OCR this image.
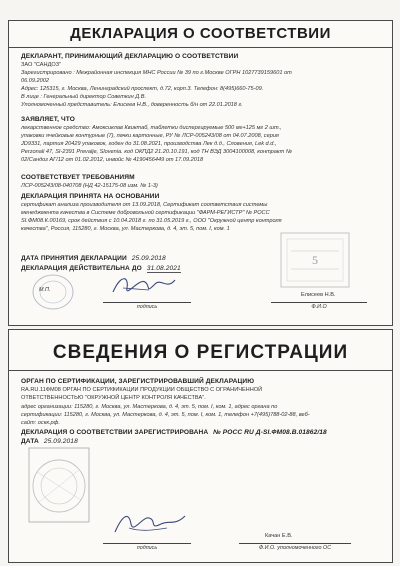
ДЕКЛАРАЦИЯ О СООТВЕТСТВИИ
ДЕКЛАРАНТ, ПРИНИМАЮЩИЙ ДЕКЛАРАЦИЮ О СООТВЕТСТВИИ
ЗАО "САНДОЗ"
Зарегистрировано : Межрайонная инспекция МНС России № 39 по г.Москве ОГРН 1027739159601 от
06.09.2002
Адрес: 125315, г. Москва, Ленинградский проспект, д.72, корп.3. Телефон: 8(495)660-75-09.
В лице : Генеральный директор Советкин Д.В.
Уполномоченный представитель: Елисеев Н.В., доверенность б/н от 22.01.2018 г.
ЗАЯВЛЯЕТ, ЧТО
лекарственное средство: Амоксиклав Квиктаб, таблетки диспергируемые 500 мг+125 мг 2 шт.,
упаковки ячейковые контурные (7), пачки картонные, РУ № ЛСР-005243/08 от 04.07.2008, серия
JD9331, партия 20429 упаковок, годен до 31.08.2021, производства Лек д.д., Словения, Lek d.d.,
Perzonali 47, SI-2391 Prevalje, Slovenia. код ОКПД2 21.20.10.191, код ТН ВЭД 3004100008, контракт №
02/Сандоз АГ/12 от 01.02.2012, инвойс № 4190456449 от 17.09.2018
СООТВЕТСТВУЕТ ТРЕБОВАНИЯМ
ЛСР-005243/08-040708 (НД 42-15175-08 изм. № 1-3)
ДЕКЛАРАЦИЯ ПРИНЯТА НА ОСНОВАНИИ
сертификат анализа производителя от 13.09.2018, Сертификат соответствия системы
менеджмента качества в Системе добровольной сертификации "ФАРМ-РЕГИСТР" № РОСС
SI.ФМ08.К.00169, срок действия с 10.04.2018 г. по 31.05.2019 г., ООО "Окружной центр контроля
качества", Россия, 115280, г. Москва, ул. Мастеркова, д. 4, эт. 5, пом. I, ком. 1
ДАТА ПРИНЯТИЯ ДЕКЛАРАЦИИ 25.09.2018
ДЕКЛАРАЦИЯ ДЕЙСТВИТЕЛЬНА ДО 31.08.2021
М.П.
подпись
Елисеев Н.В.
Ф.И.О
5
СВЕДЕНИЯ О РЕГИСТРАЦИИ
ОРГАН ПО СЕРТИФИКАЦИИ, ЗАРЕГИСТРИРОВАВШИЙ ДЕКЛАРАЦИЮ
RA.RU.11ФМ08 ОРГАН ПО СЕРТИФИКАЦИИ ПРОДУКЦИИ ОБЩЕСТВО С ОГРАНИЧЕННОЙ
ОТВЕТСТВЕННОСТЬЮ "ОКРУЖНОЙ ЦЕНТР КОНТРОЛЯ КАЧЕСТВА".
адрес организации: 115280, г. Москва, ул. Мастеркова, д. 4, эт. 5, пом. I, ком. 1, адрес органа по
сертификации: 115280, г. Москва, ул. Мастеркова, д. 4, эт. 5, пом. I, ком. 1, телефон +7(495)788-02-88, веб-
сайт: ocкк.рф.
ДЕКЛАРАЦИЯ О СООТВЕТСТВИИ ЗАРЕГИСТРИРОВАНА № РОСС RU Д-SI.ФМ08.В.01862/18
ДАТА 25.09.2018
подпись
Качан Е.В.
Ф.И.О. уполномоченного ОС
